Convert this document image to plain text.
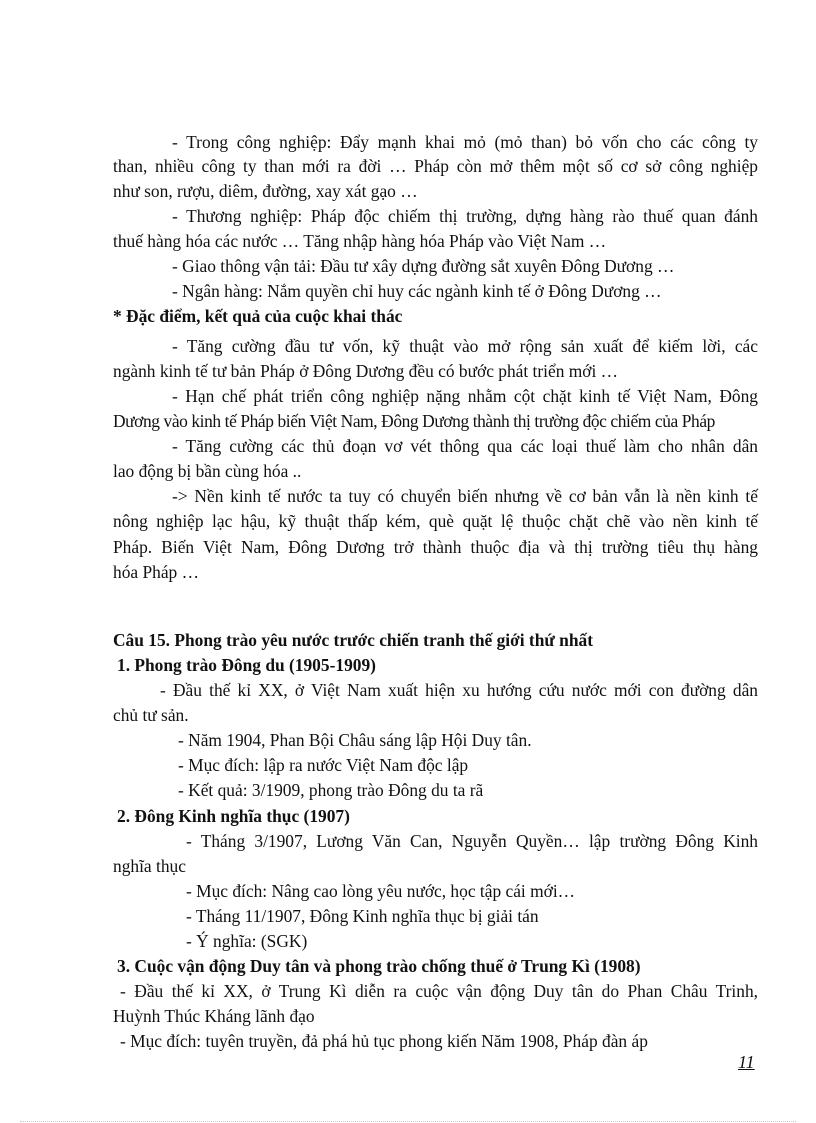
- Trong công nghiệp: Đẩy mạnh khai mỏ (mỏ than) bỏ vốn cho các công ty
than, nhiều công ty than mới ra đời … Pháp còn mở thêm một số cơ sở công nghiệp
như son, rượu, diêm, đường, xay xát gạo …
- Thương nghiệp: Pháp độc chiếm thị trường, dựng hàng rào thuế quan đánh
thuế hàng hóa các nước … Tăng nhập hàng hóa Pháp vào Việt Nam …
- Giao thông vận tải: Đầu tư xây dựng đường sắt xuyên Đông Dương …
- Ngân hàng: Nắm quyền chỉ huy các ngành kinh tế ở Đông Dương …
* Đặc điểm, kết quả của cuộc khai thác
- Tăng cường đầu tư vốn, kỹ thuật vào mở rộng sản xuất để kiếm lời, các
ngành kinh tế tư bản Pháp ở Đông Dương đều có bước phát triển mới …
- Hạn chế phát triển công nghiệp nặng nhằm cột chặt kinh tế Việt Nam, Đông
Dương vào kinh tế Pháp biến Việt Nam, Đông Dương thành thị trường độc chiếm của Pháp
- Tăng cường các thủ đoạn vơ vét thông qua các loại thuế làm cho nhân dân
lao động bị bần cùng hóa ..
-> Nền kinh tế nước ta tuy có chuyển biến nhưng về cơ bản vẫn là nền kinh tế
nông nghiệp lạc hậu, kỹ thuật thấp kém, què quặt lệ thuộc chặt chẽ vào nền kinh tế
Pháp. Biến Việt Nam, Đông Dương trở thành thuộc địa và thị trường tiêu thụ hàng
hóa Pháp …
Câu 15. Phong trào yêu nước trước chiến tranh thế giới thứ nhất
1. Phong trào Đông du (1905-1909)
- Đầu thế kỉ XX, ở Việt Nam xuất hiện xu hướng cứu nước mới con đường dân
chủ tư sản.
- Năm 1904, Phan Bội Châu sáng lập Hội Duy tân.
- Mục đích: lập ra nước Việt Nam độc lập
- Kết quả: 3/1909, phong trào Đông du ta rã
2. Đông Kinh nghĩa thục (1907)
- Tháng 3/1907, Lương Văn Can, Nguyễn Quyền… lập trường Đông Kinh
nghĩa thục
- Mục đích: Nâng cao lòng yêu nước, học tập cái mới…
- Tháng 11/1907, Đông Kinh nghĩa thục bị giải tán
- Ý nghĩa: (SGK)
3. Cuộc vận động Duy tân và phong trào chống thuế ở Trung Kì (1908)
- Đầu thế kỉ XX, ở Trung Kì diễn ra cuộc vận động Duy tân do Phan Châu Trinh,
Huỳnh Thúc Kháng lãnh đạo
- Mục đích: tuyên truyền, đả phá hủ tục phong kiến Năm 1908, Pháp đàn áp
11
